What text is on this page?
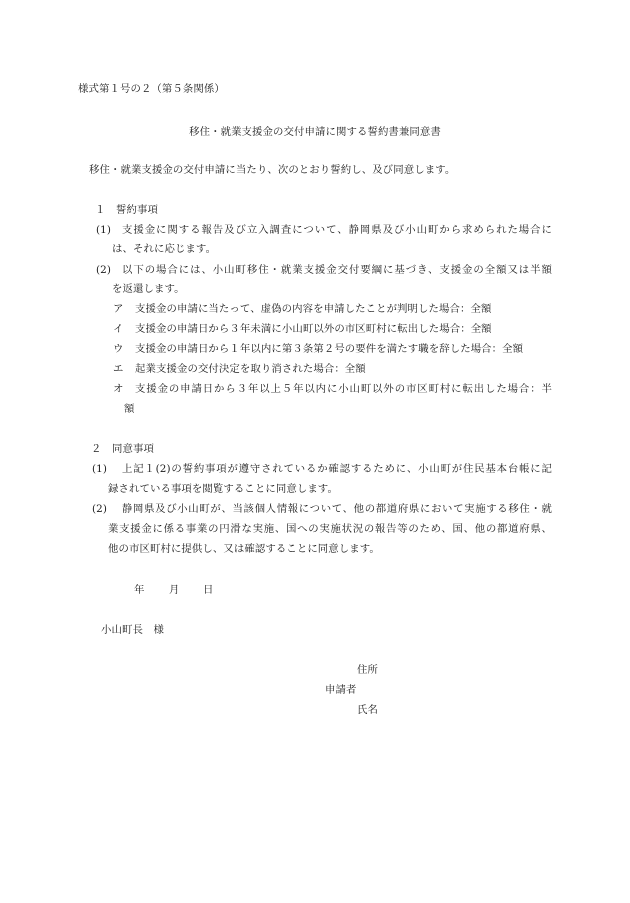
様式第１号の２（第５条関係）
移住・就業支援金の交付申請に関する誓約書兼同意書
移住・就業支援金の交付申請に当たり、次のとおり誓約し、及び同意します。
１　誓約事項
(1) 支援金に関する報告及び立入調査について、静岡県及び小山町から求められた場合に
は、それに応じます。
(2) 以下の場合には、小山町移住・就業支援金交付要綱に基づき、支援金の全額又は半額
を返還します。
ア 支援金の申請に当たって、虚偽の内容を申請したことが判明した場合：全額
イ 支援金の申請日から３年未満に小山町以外の市区町村に転出した場合：全額
ウ 支援金の申請日から１年以内に第３条第２号の要件を満たす職を辞した場合：全額
エ 起業支援金の交付決定を取り消された場合：全額
オ 支援金の申請日から３年以上５年以内に小山町以外の市区町村に転出した場合：半
額
２　同意事項
(1) 上記１(2)の誓約事項が遵守されているか確認するために、小山町が住民基本台帳に記
録されている事項を閲覧することに同意します。
(2) 静岡県及び小山町が、当該個人情報について、他の都道府県において実施する移住・就
業支援金に係る事業の円滑な実施、国への実施状況の報告等のため、国、他の都道府県、
他の市区町村に提供し、又は確認することに同意します。
年 月 日
小山町長　様
住所
申請者
氏名
